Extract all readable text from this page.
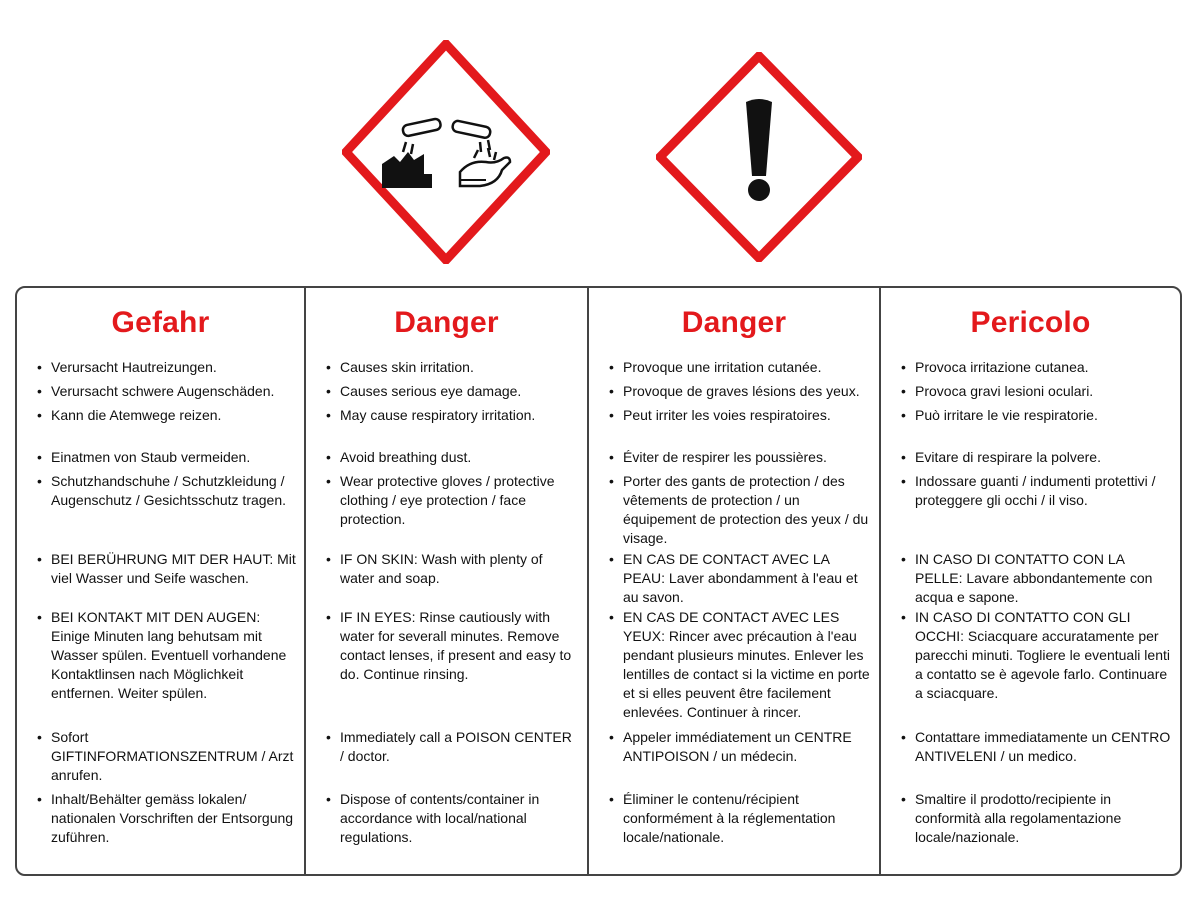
Gefahr
• Verursacht Hautreizungen.
• Verursacht schwere Augenschäden.
• Kann die Atemwege reizen.
• Einatmen von Staub vermeiden.
• Schutzhandschuhe / Schutzkleidung / Augenschutz / Gesichtsschutz tragen.
• BEI BERÜHRUNG MIT DER HAUT: Mit viel Wasser und Seife waschen.
• BEI KONTAKT MIT DEN AUGEN: Einige Minuten lang behutsam mit Wasser spülen. Eventuell vorhandene Kontaktlinsen nach Möglichkeit entfernen. Weiter spülen.
• Sofort GIFTINFORMATIONSZENTRUM / Arzt anrufen.
• Inhalt/Behälter gemäss lokalen/ nationalen Vorschriften der Entsorgung zuführen.
Danger
• Causes skin irritation.
• Causes serious eye damage.
• May cause respiratory irritation.
• Avoid breathing dust.
• Wear protective gloves / protective clothing / eye protection / face protection.
• IF ON SKIN: Wash with plenty of water and soap.
• IF IN EYES: Rinse cautiously with water for severall minutes. Remove contact lenses, if present and easy to do. Continue rinsing.
• Immediately call a POISON CENTER / doctor.
• Dispose of contents/container in accordance with local/national regulations.
Danger
• Provoque une irritation cutanée.
• Provoque de graves lésions des yeux.
• Peut irriter les voies respiratoires.
• Éviter de respirer les poussières.
• Porter des gants de protection / des vêtements de protection / un équipement de protection des yeux / du visage.
• EN CAS DE CONTACT AVEC LA PEAU: Laver abondamment à l'eau et au savon.
• EN CAS DE CONTACT AVEC LES YEUX: Rincer avec précaution à l'eau pendant plusieurs minutes. Enlever les lentilles de contact si la victime en porte et si elles peuvent être facilement enlevées. Continuer à rincer.
• Appeler immédiatement un CENTRE ANTIPOISON / un médecin.
• Éliminer le contenu/récipient conformément à la réglementation locale/nationale.
Pericolo
• Provoca irritazione cutanea.
• Provoca gravi lesioni oculari.
• Può irritare le vie respiratorie.
• Evitare di respirare la polvere.
• Indossare guanti / indumenti protettivi / proteggere gli occhi / il viso.
• IN CASO DI CONTATTO CON LA PELLE: Lavare abbondantemente con acqua e sapone.
• IN CASO DI CONTATTO CON GLI OCCHI: Sciacquare accuratamente per parecchi minuti. Togliere le eventuali lenti a contatto se è agevole farlo. Continuare a sciacquare.
• Contattare immediatamente un CENTRO ANTIVELENI / un medico.
• Smaltire il prodotto/recipiente in conformità alla regolamentazione locale/nazionale.
